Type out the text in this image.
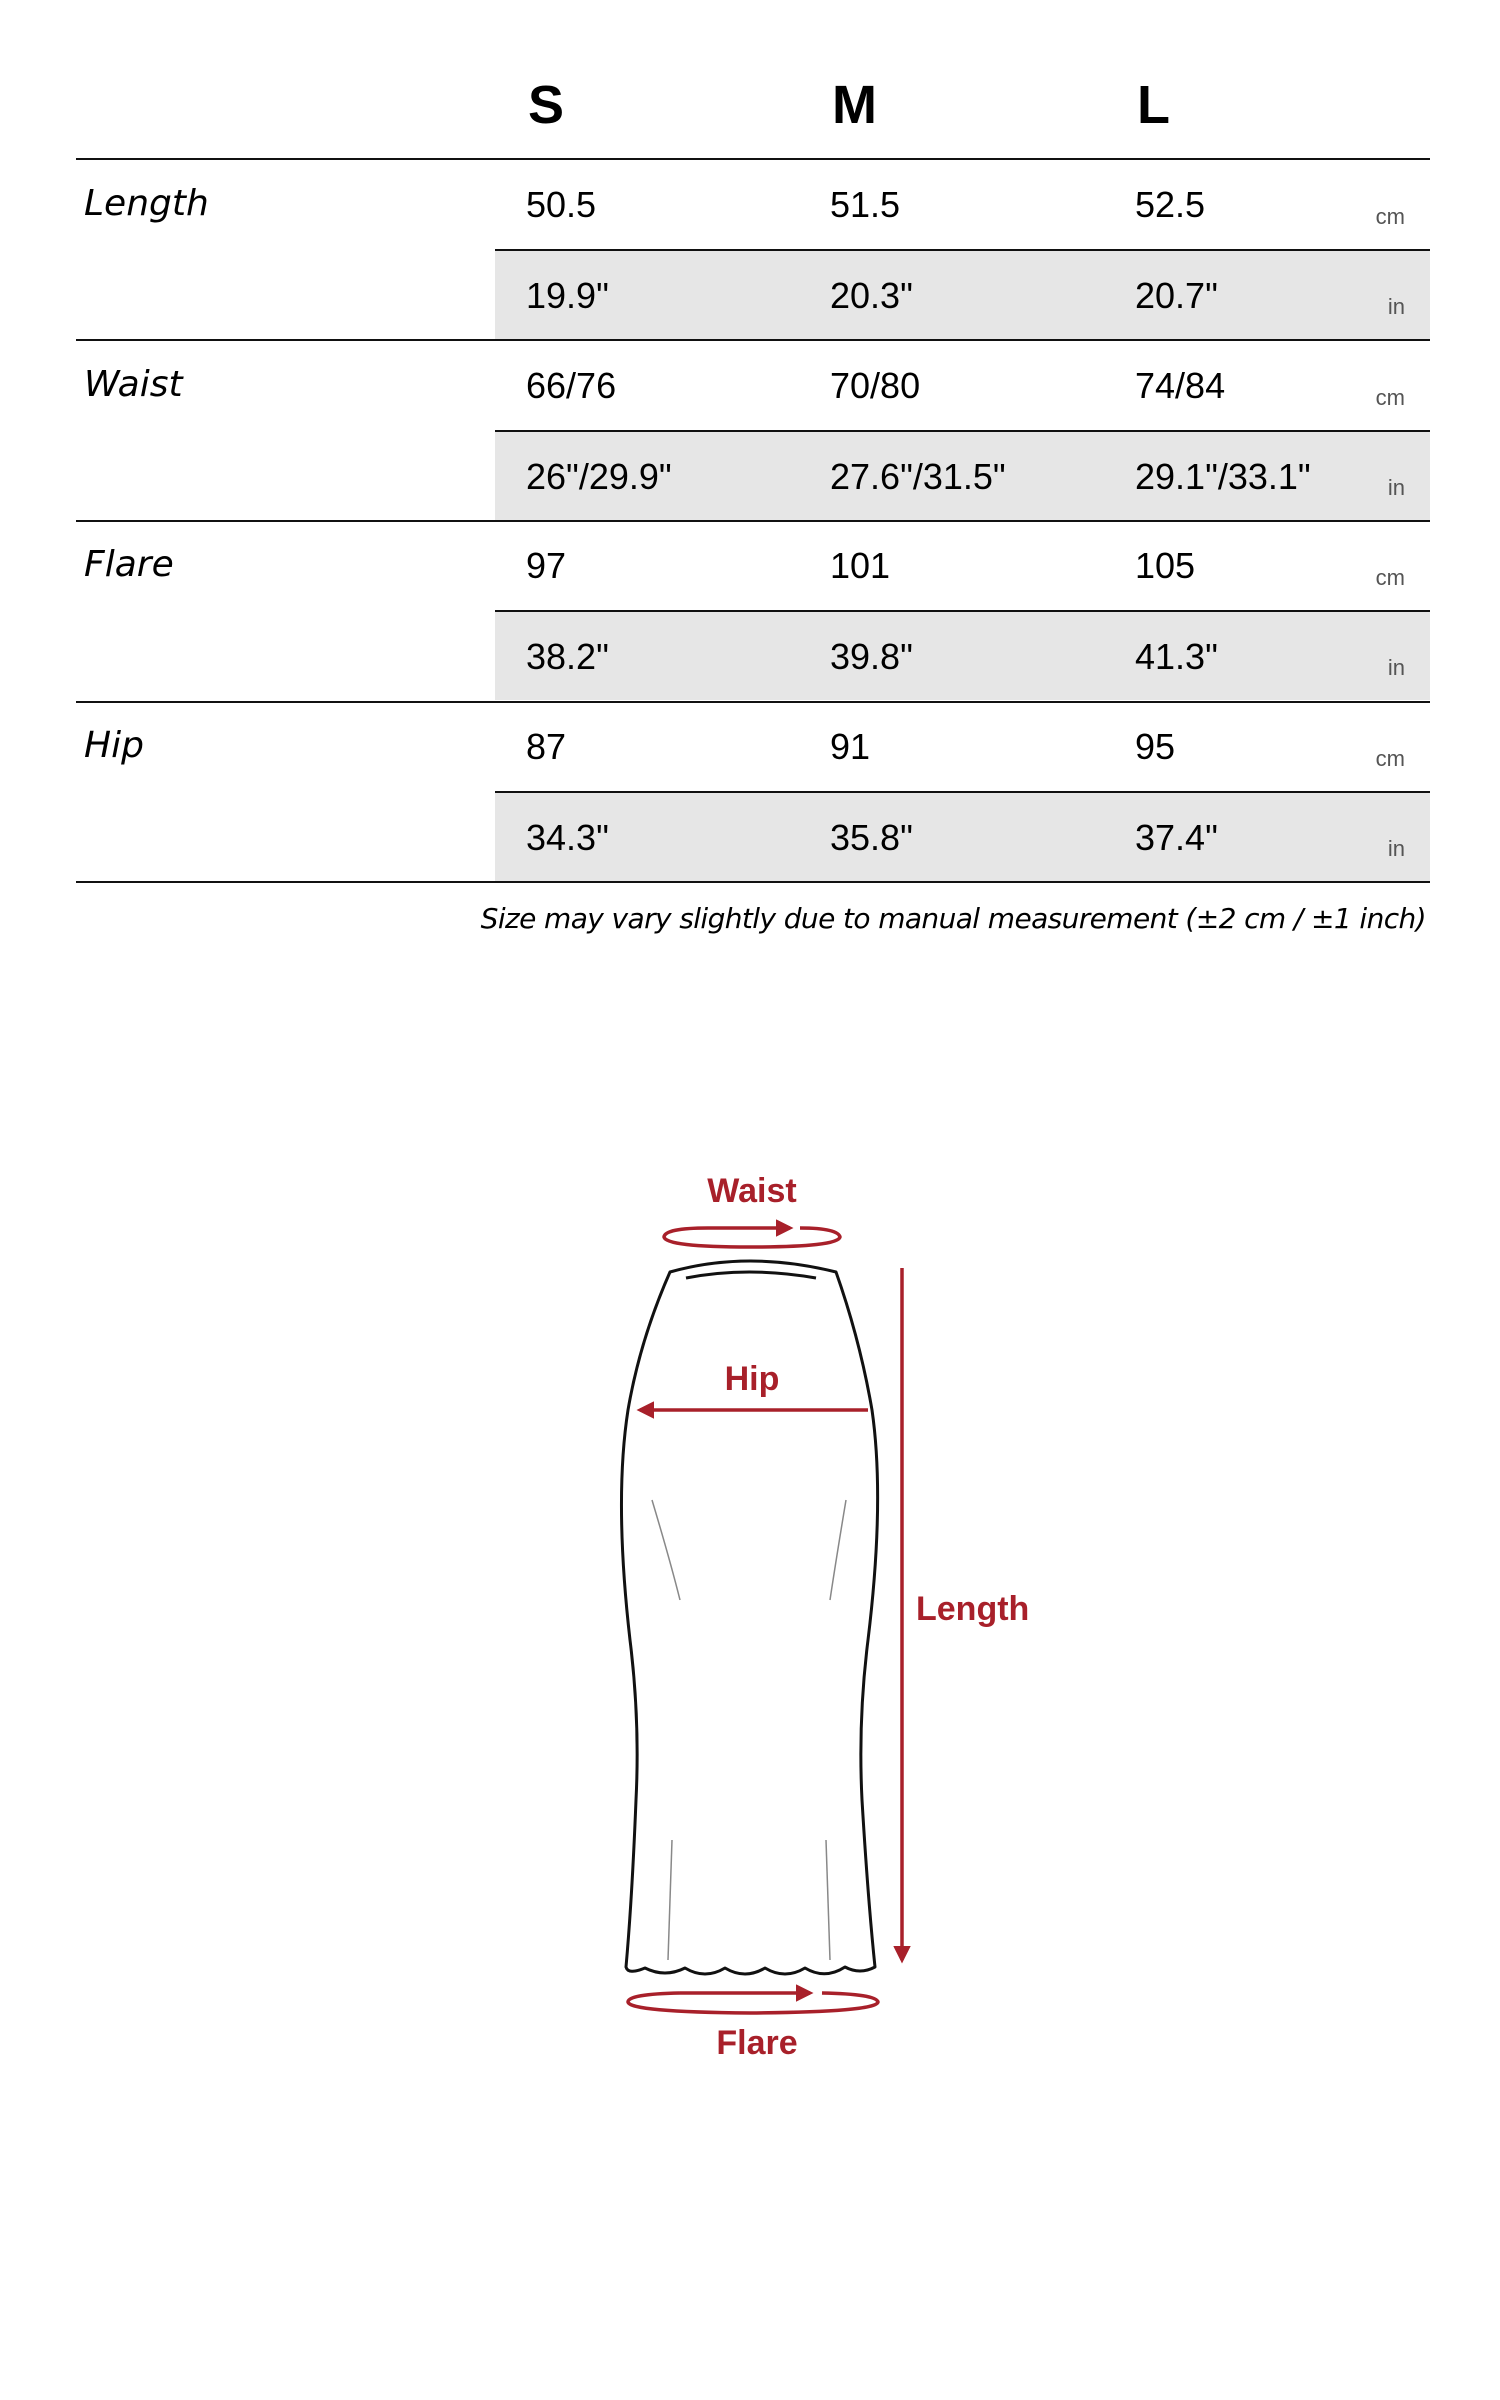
S	M	L
Length	50.5	51.5	52.5	cm
19.9"	20.3"	20.7"	in
Waist	66/76	70/80	74/84	cm
26"/29.9"	27.6"/31.5"	29.1"/33.1"	in
Flare	97	101	105	cm
38.2"	39.8"	41.3"	in
Hip	87	91	95	cm
34.3"	35.8"	37.4"	in
Size may vary slightly due to manual measurement (±2 cm / ±1 inch)
Waist
Hip
Length
Flare
